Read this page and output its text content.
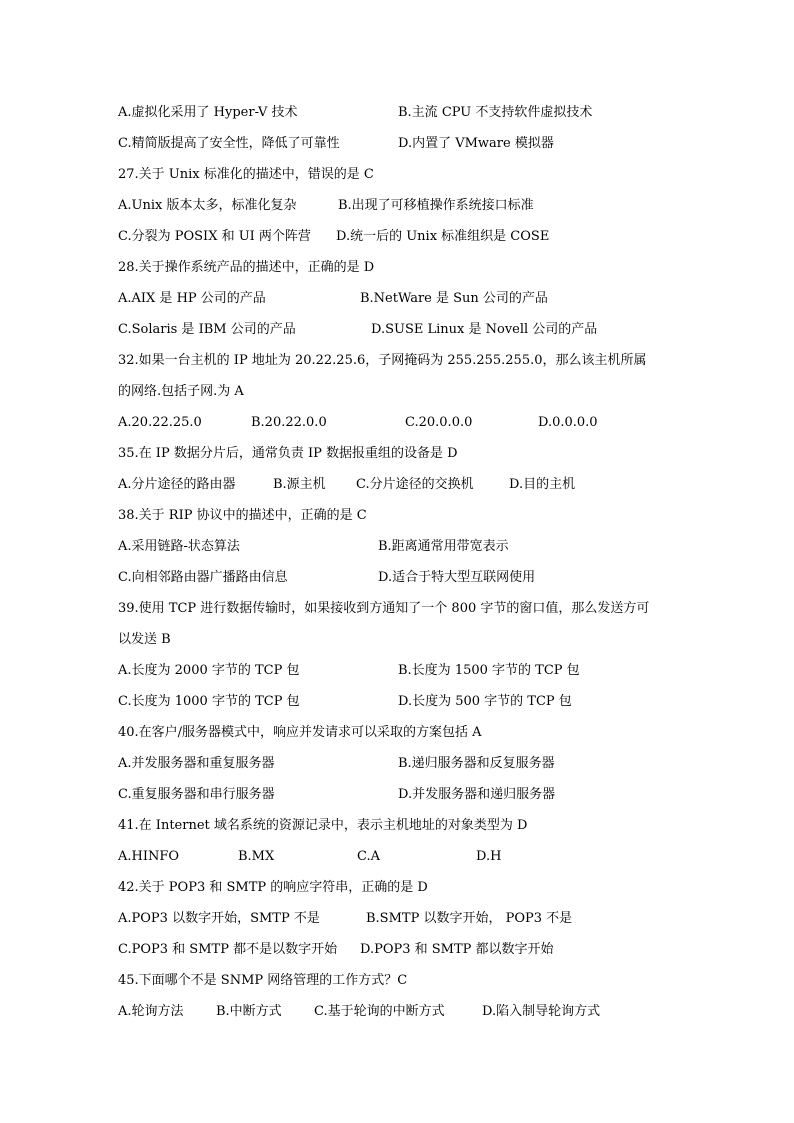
A.虚拟化采用了 Hyper-V 技术	B.主流 CPU 不支持软件虚拟技术
C.精简版提高了安全性，降低了可靠性	D.内置了 VMware 模拟器
27.关于 Unix 标准化的描述中，错误的是 C
A.Unix 版本太多，标准化复杂	B.出现了可移植操作系统接口标准
C.分裂为 POSIX 和 UI 两个阵营 D.统一后的 Unix 标准组织是 COSE
28.关于操作系统产品的描述中，正确的是 D
A.AIX 是 HP 公司的产品	B.NetWare 是 Sun 公司的产品
C.Solaris 是 IBM 公司的产品	D.SUSE Linux 是 Novell 公司的产品
32.如果一台主机的 IP 地址为 20.22.25.6，子网掩码为 255.255.255.0，那么该主机所属
的网络.包括子网.为 A
A.20.22.25.0	B.20.22.0.0	C.20.0.0.0	D.0.0.0.0
35.在 IP 数据分片后，通常负责 IP 数据报重组的设备是 D
A.分片途径的路由器	B.源主机 C.分片途径的交换机	D.目的主机
38.关于 RIP 协议中的描述中，正确的是 C
A.采用链路-状态算法	B.距离通常用带宽表示
C.向相邻路由器广播路由信息	D.适合于特大型互联网使用
39.使用 TCP 进行数据传输时，如果接收到方通知了一个 800 字节的窗口值，那么发送方可
以发送 B
A.长度为 2000 字节的 TCP 包	B.长度为 1500 字节的 TCP 包
C.长度为 1000 字节的 TCP 包	D.长度为 500 字节的 TCP 包
40.在客户/服务器模式中，响应并发请求可以采取的方案包括 A
A.并发服务器和重复服务器	B.递归服务器和反复服务器
C.重复服务器和串行服务器	D.并发服务器和递归服务器
41.在 Internet 域名系统的资源记录中，表示主机地址的对象类型为 D
A.HINFO	B.MX	C.A	D.H
42.关于 POP3 和 SMTP 的响应字符串，正确的是 D
A.POP3 以数字开始，SMTP 不是	B.SMTP 以数字开始， POP3 不是
C.POP3 和 SMTP 都不是以数字开始 D.POP3 和 SMTP 都以数字开始
45.下面哪个不是 SNMP 网络管理的工作方式？C
A.轮询方法 B.中断方式 C.基于轮询的中断方式	D.陷入制导轮询方式
